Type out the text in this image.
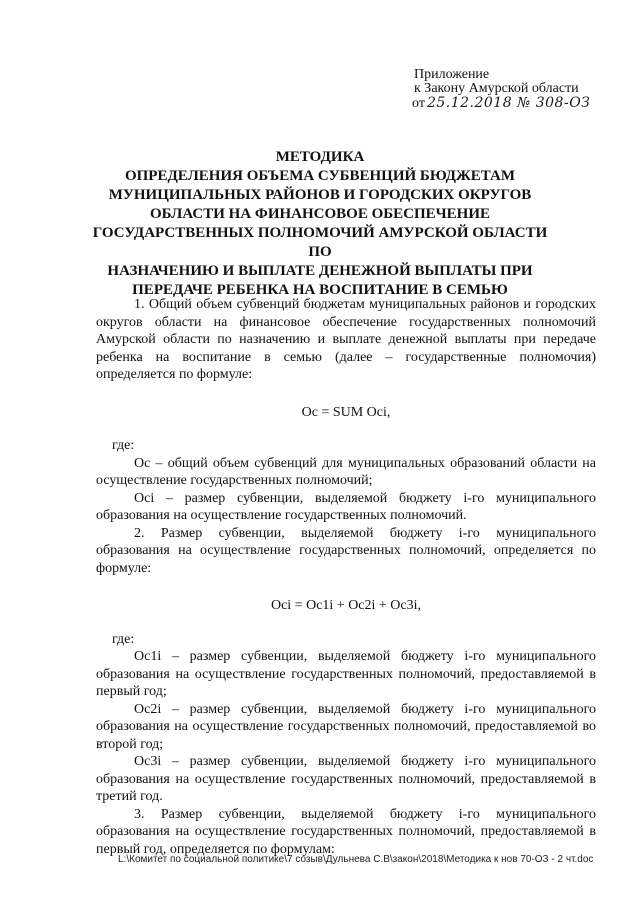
Приложение
к Закону Амурской области
от 25.12.2018 № 308-ОЗ
МЕТОДИКА
ОПРЕДЕЛЕНИЯ ОБЪЕМА СУБВЕНЦИЙ БЮДЖЕТАМ
МУНИЦИПАЛЬНЫХ РАЙОНОВ И ГОРОДСКИХ ОКРУГОВ
ОБЛАСТИ НА ФИНАНСОВОЕ ОБЕСПЕЧЕНИЕ
ГОСУДАРСТВЕННЫХ ПОЛНОМОЧИЙ АМУРСКОЙ ОБЛАСТИ ПО
НАЗНАЧЕНИЮ И ВЫПЛАТЕ ДЕНЕЖНОЙ ВЫПЛАТЫ ПРИ
ПЕРЕДАЧЕ РЕБЕНКА НА ВОСПИТАНИЕ В СЕМЬЮ

1. Общий объем субвенций бюджетам муниципальных районов и городских округов области на финансовое обеспечение государственных полномочий Амурской области по назначению и выплате денежной выплаты при передаче ребенка на воспитание в семью (далее – государственные полномочия) определяется по формуле:

Ос = SUM Осi,
где:

Ос – общий объем субвенций для муниципальных образований области на осуществление государственных полномочий;

Осi – размер субвенции, выделяемой бюджету i-го муниципального образования на осуществление государственных полномочий.

2. Размер субвенции, выделяемой бюджету i-го муниципального образования на осуществление государственных полномочий, определяется по формуле:

Осi = Ос1i + Ос2i + Ос3i,
где:

Ос1i – размер субвенции, выделяемой бюджету i-го муниципального образования на осуществление государственных полномочий, предоставляемой в первый год;

Ос2i – размер субвенции, выделяемой бюджету i-го муниципального образования на осуществление государственных полномочий, предоставляемой во второй год;

Ос3i – размер субвенции, выделяемой бюджету i-го муниципального образования на осуществление государственных полномочий, предоставляемой в третий год.

3. Размер субвенции, выделяемой бюджету i-го муниципального образования на осуществление государственных полномочий, предоставляемой в первый год, определяется по формулам:

L:\Комитет по социальной политике\7 созыв\Дульнева С.В\закон\2018\Методика к нов 70-ОЗ - 2 чт.doc
